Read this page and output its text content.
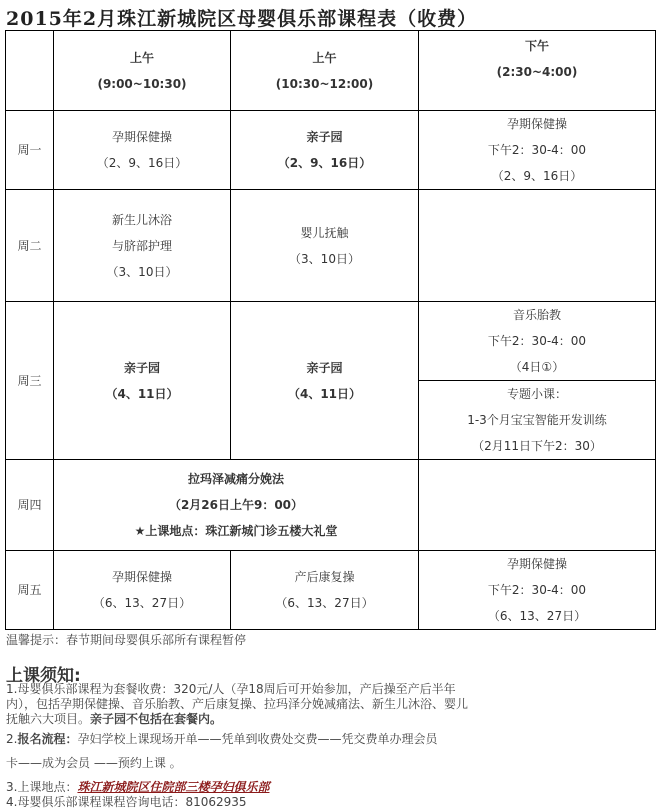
2015年2月珠江新城院区母婴俱乐部课程表（收费）

	上午
(9:00~10:30)	上午
(10:30~12:00)	下午
(2:30~4:00)

周一	孕期保健操
（2、9、16日）	亲子园
（2、9、16日）	孕期保健操
下午2：30-4：00
（2、9、16日）

周二	新生儿沐浴
与脐部护理
（3、10日）	婴儿抚触
（3、10日）	

周三	亲子园
（4、11日）	亲子园
（4、11日）	音乐胎教
下午2：30-4：00
（4日①）

			专题小课：
1-3个月宝宝智能开发训练
（2月11日下午2：30）

周四	拉玛泽减痛分娩法
（2月26日上午9：00）
★上课地点：珠江新城门诊五楼大礼堂		

周五	孕期保健操
（6、13、27日）	产后康复操
（6、13、27日）	孕期保健操
下午2：30-4：00
（6、13、27日）
温馨提示：春节期间母婴俱乐部所有课程暂停
上课须知:

1.母婴俱乐部课程为套餐收费：320元/人（孕18周后可开始参加，产后操至产后半年内），包括孕期保健操、音乐胎教、产后康复操、拉玛泽分娩减痛法、新生儿沐浴、婴儿抚触六大项目。亲子园不包括在套餐内。

2.报名流程：孕妇学校上课现场开单——凭单到收费处交费——凭交费单办理会员

卡——成为会员 ——预约上课 。

3.上课地点：珠江新城院区住院部三楼孕妇俱乐部

4.母婴俱乐部课程课程咨询电话：81062935
